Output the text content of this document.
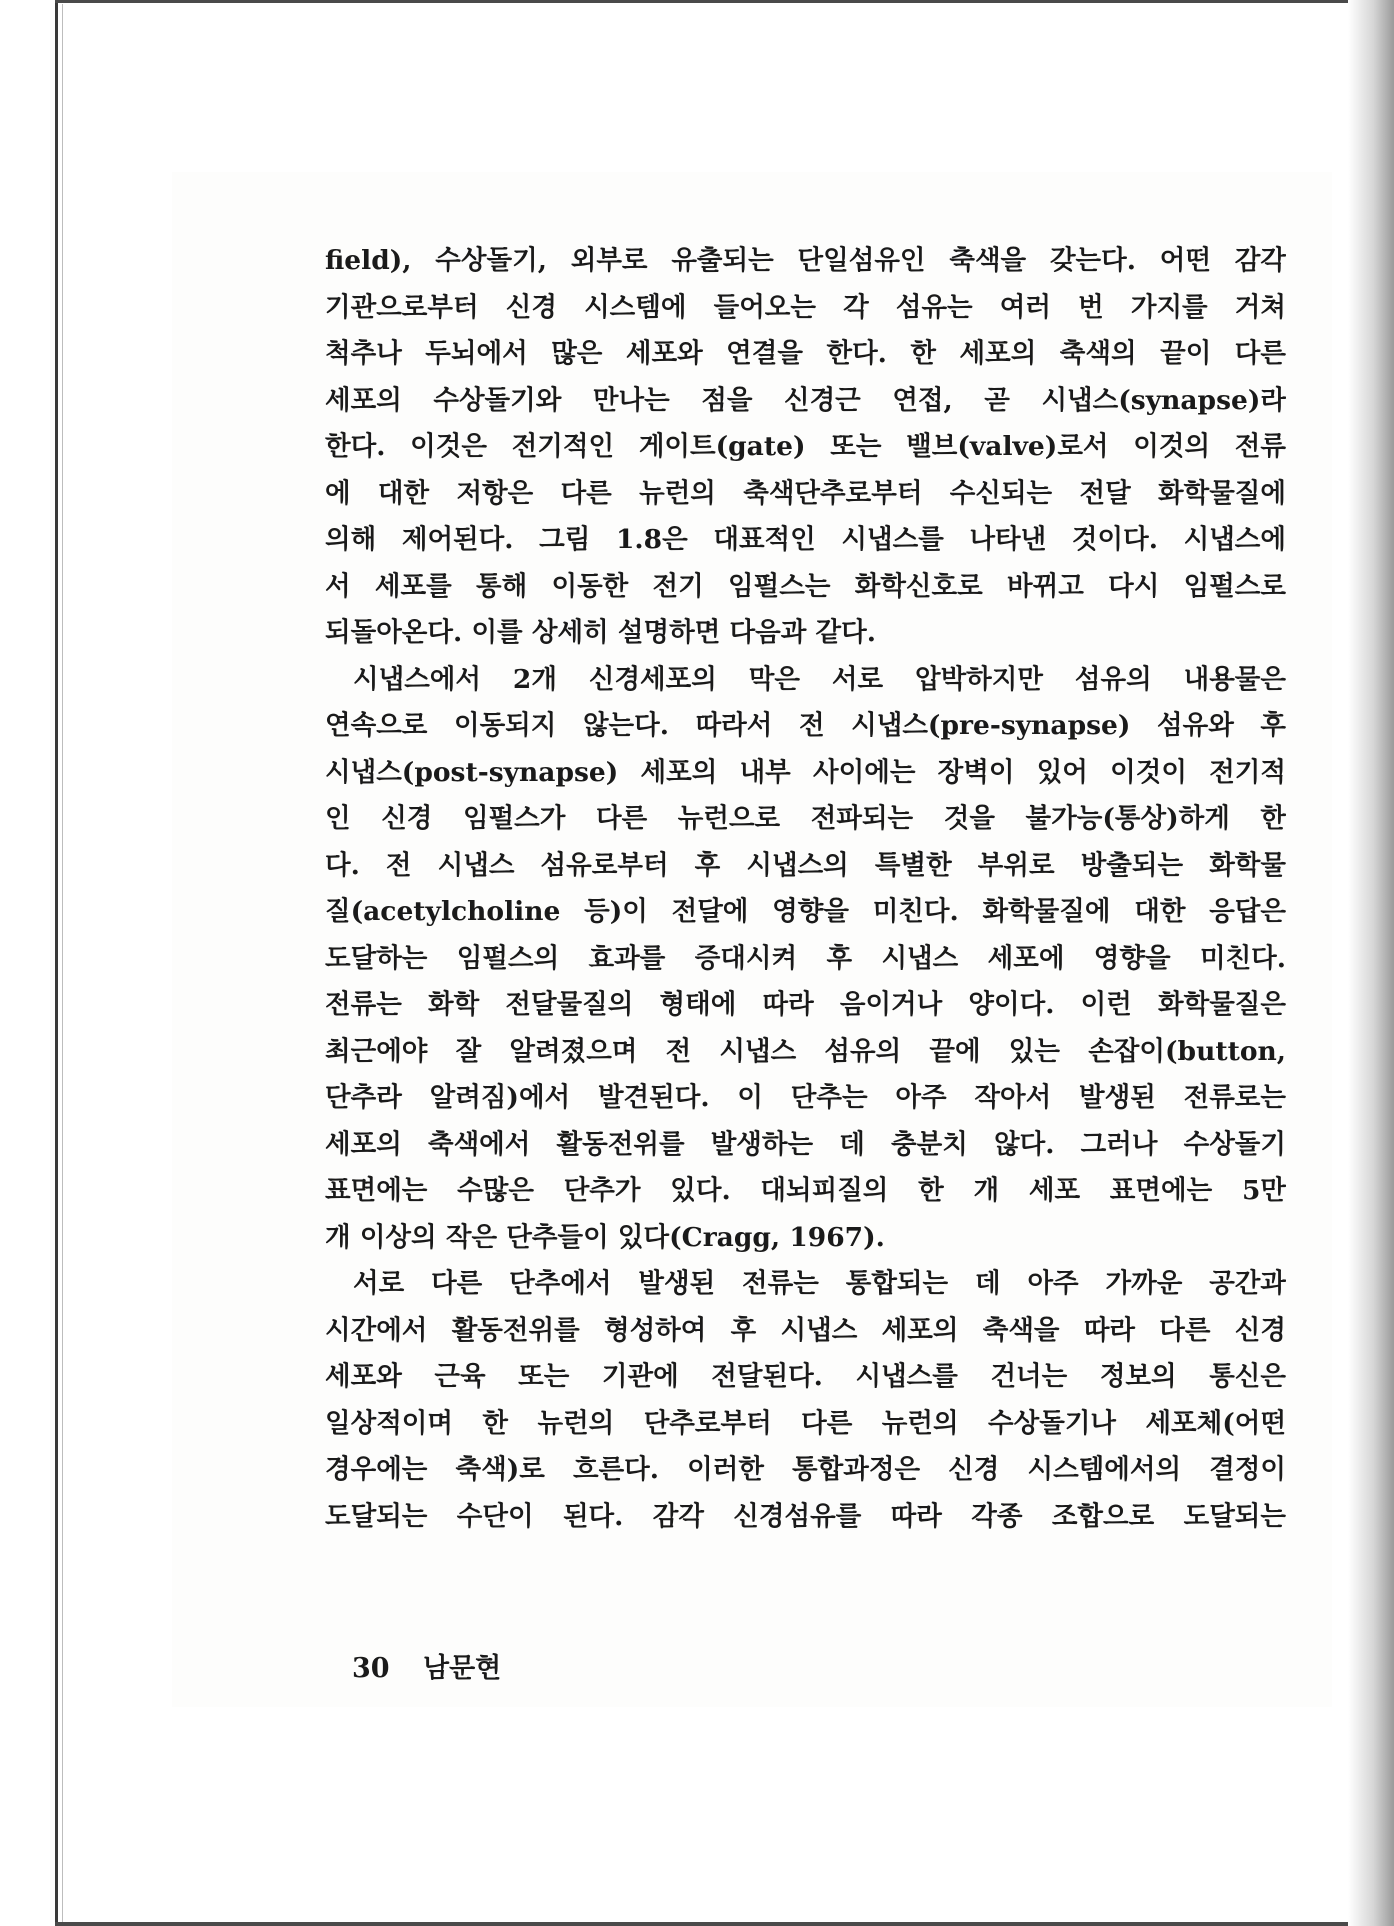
field), 수상돌기, 외부로 유출되는 단일섬유인 축색을 갖는다. 어떤 감각
기관으로부터 신경 시스템에 들어오는 각 섬유는 여러 번 가지를 거쳐
척추나 두뇌에서 많은 세포와 연결을 한다. 한 세포의 축색의 끝이 다른
세포의 수상돌기와 만나는 점을 신경근 연접, 곧 시냅스(synapse)라
한다. 이것은 전기적인 게이트(gate) 또는 밸브(valve)로서 이것의 전류
에 대한 저항은 다른 뉴런의 축색단추로부터 수신되는 전달 화학물질에
의해 제어된다. 그림 1.8은 대표적인 시냅스를 나타낸 것이다. 시냅스에
서 세포를 통해 이동한 전기 임펄스는 화학신호로 바뀌고 다시 임펄스로
되돌아온다. 이를 상세히 설명하면 다음과 같다.
시냅스에서 2개 신경세포의 막은 서로 압박하지만 섬유의 내용물은
연속으로 이동되지 않는다. 따라서 전 시냅스(pre-synapse) 섬유와 후
시냅스(post-synapse) 세포의 내부 사이에는 장벽이 있어 이것이 전기적
인 신경 임펄스가 다른 뉴런으로 전파되는 것을 불가능(통상)하게 한
다. 전 시냅스 섬유로부터 후 시냅스의 특별한 부위로 방출되는 화학물
질(acetylcholine 등)이 전달에 영향을 미친다. 화학물질에 대한 응답은
도달하는 임펄스의 효과를 증대시켜 후 시냅스 세포에 영향을 미친다.
전류는 화학 전달물질의 형태에 따라 음이거나 양이다. 이런 화학물질은
최근에야 잘 알려졌으며 전 시냅스 섬유의 끝에 있는 손잡이(button,
단추라 알려짐)에서 발견된다. 이 단추는 아주 작아서 발생된 전류로는
세포의 축색에서 활동전위를 발생하는 데 충분치 않다. 그러나 수상돌기
표면에는 수많은 단추가 있다. 대뇌피질의 한 개 세포 표면에는 5만
개 이상의 작은 단추들이 있다(Cragg, 1967).
서로 다른 단추에서 발생된 전류는 통합되는 데 아주 가까운 공간과
시간에서 활동전위를 형성하여 후 시냅스 세포의 축색을 따라 다른 신경
세포와 근육 또는 기관에 전달된다. 시냅스를 건너는 정보의 통신은
일상적이며 한 뉴런의 단추로부터 다른 뉴런의 수상돌기나 세포체(어떤
경우에는 축색)로 흐른다. 이러한 통합과정은 신경 시스템에서의 결정이
도달되는 수단이 된다. 감각 신경섬유를 따라 각종 조합으로 도달되는
30 남문현
